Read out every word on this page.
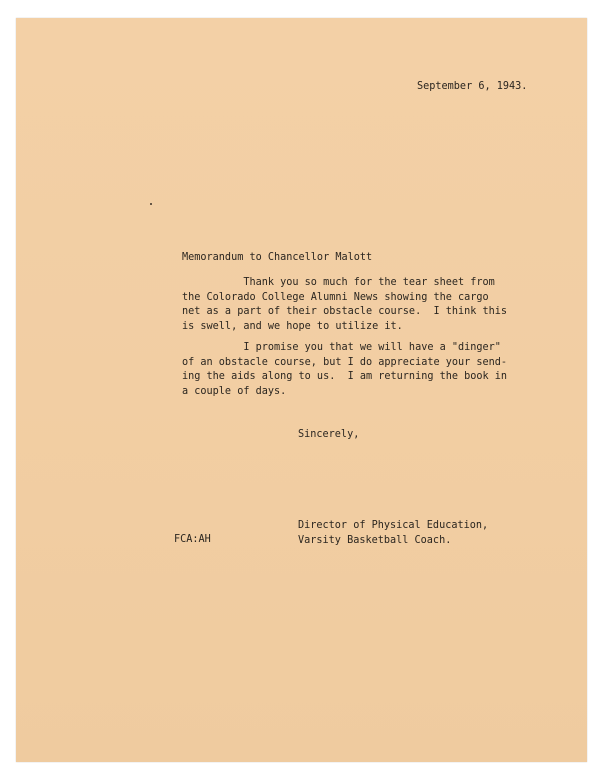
September 6, 1943.
Memorandum to Chancellor Malott
Thank you so much for the tear sheet from
the Colorado College Alumni News showing the cargo
net as a part of their obstacle course.  I think this
is swell, and we hope to utilize it.
I promise you that we will have a "dinger"
of an obstacle course, but I do appreciate your send-
ing the aids along to us.  I am returning the book in
a couple of days.
Sincerely,
Director of Physical Education,
Varsity Basketball Coach.
FCA:AH
